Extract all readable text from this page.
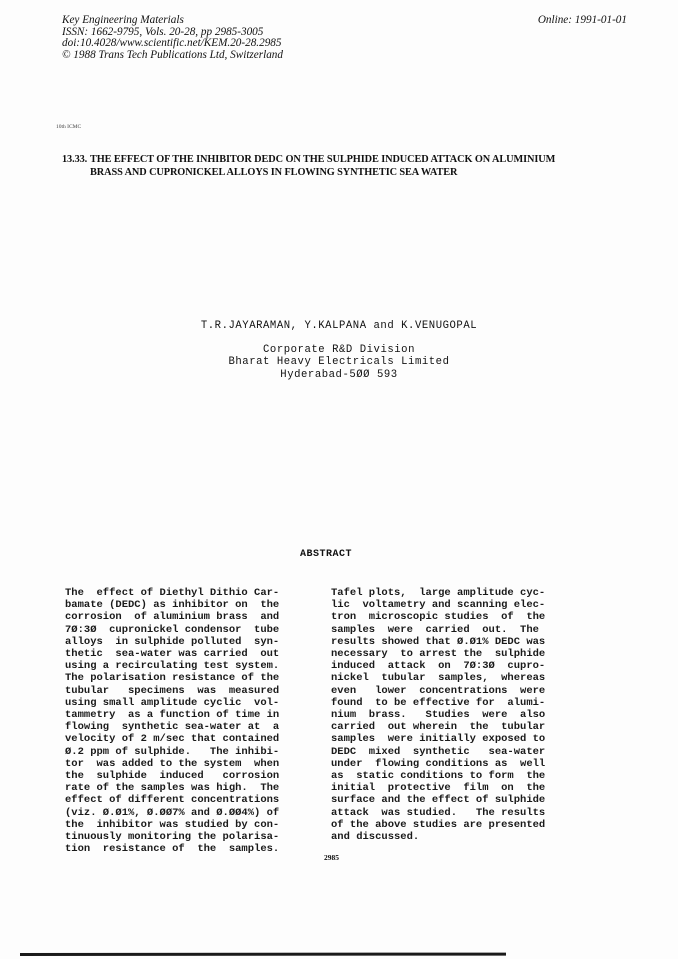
Key Engineering Materials
ISSN: 1662-9795, Vols. 20-28, pp 2985-3005
doi:10.4028/www.scientific.net/KEM.20-28.2985
© 1988 Trans Tech Publications Ltd, Switzerland
Online: 1991-01-01
10th ICMC
13.33. THE EFFECT OF THE INHIBITOR DEDC ON THE SULPHIDE INDUCED ATTACK ON ALUMINIUM
BRASS AND CUPRONICKEL ALLOYS IN FLOWING SYNTHETIC SEA WATER
T.R.JAYARAMAN, Y.KALPANA and K.VENUGOPAL
Corporate R&D Division
Bharat Heavy Electricals Limited
Hyderabad-5ØØ 593
ABSTRACT
The  effect of Diethyl Dithio Car-
bamate (DEDC) as inhibitor on  the
corrosion  of aluminium brass  and
7Ø:3Ø  cupronickel condensor  tube
alloys  in sulphide polluted  syn-
thetic  sea-water was carried  out
using a recirculating test system.
The polarisation resistance of the
tubular   specimens  was  measured
using small amplitude cyclic  vol-
tammetry  as a function of time in
flowing  synthetic sea-water at  a
velocity of 2 m/sec that contained
Ø.2 ppm of sulphide.   The inhibi-
tor  was added to the system  when
the  sulphide  induced   corrosion
rate of the samples was high.  The
effect of different concentrations
(viz. Ø.Ø1%, Ø.ØØ7% and Ø.ØØ4%) of
the  inhibitor was studied by con-
tinuously monitoring the polarisa-
tion  resistance of  the  samples.
Tafel plots,  large amplitude cyc-
lic  voltametry and scanning elec-
tron  microscopic studies  of  the
samples  were  carried  out.  The
results showed that Ø.Ø1% DEDC was
necessary  to arrest the  sulphide
induced  attack  on  7Ø:3Ø  cupro-
nickel  tubular  samples,  whereas
even   lower  concentrations  were
found  to be effective for  alumi-
nium  brass.   Studies  were  also
carried  out wherein  the  tubular
samples  were initially exposed to
DEDC  mixed  synthetic   sea-water
under  flowing conditions as  well
as  static conditions to form  the
initial  protective  film  on  the
surface and the effect of sulphide
attack  was studied.   The results
of the above studies are presented
and discussed.
2985
